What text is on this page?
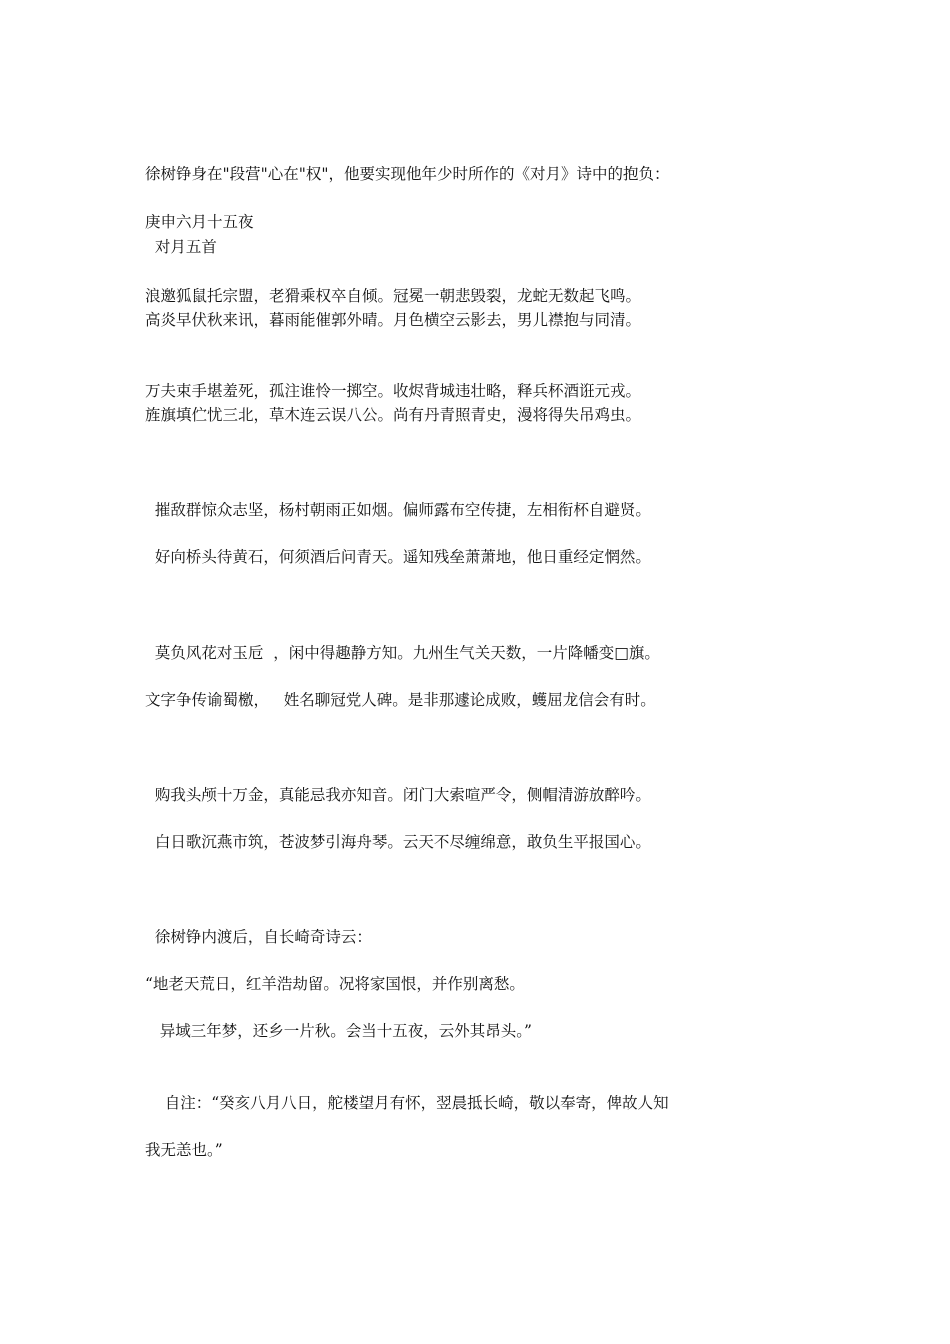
徐树铮身在"段营"心在"权"，他要实现他年少时所作的《对月》诗中的抱负：
庚申六月十五夜
对月五首
浪邀狐鼠托宗盟，老猾乘权卒自倾。冠冕一朝悲毁裂，龙蛇无数起飞鸣。
高炎早伏秋来讯，暮雨能催郭外晴。月色横空云影去，男儿襟抱与同清。
万夫束手堪羞死，孤注谁怜一掷空。收烬背城违壮略，释兵杯酒诳元戎。
旌旗填伫忧三北，草木连云误八公。尚有丹青照青史，漫将得失吊鸡虫。
摧敌群惊众志坚，杨村朝雨正如烟。偏师露布空传捷，左相衔杯自避贤。
好向桥头待黄石，何须酒后问青天。遥知残垒萧萧地，他日重经定惘然。
莫负风花对玉卮  ，闲中得趣静方知。九州生气关天数，一片降幡变□旗。
文字争传谕蜀檄，   姓名聊冠党人碑。是非那遽论成败，蠖屈龙信会有时。
购我头颅十万金，真能忌我亦知音。闭门大索喧严令，侧帽清游放醉吟。
白日歌沉燕市筑，苍波梦引海舟琴。云天不尽缠绵意，敢负生平报国心。
徐树铮内渡后，自长崎奇诗云：
“地老天荒日，红羊浩劫留。况将家国恨，并作别离愁。
异域三年梦，还乡一片秋。会当十五夜，云外其昂头。”
自注：“癸亥八月八日，舵楼望月有怀，翌晨抵长崎，敬以奉寄，俾故人知
我无恙也。”
